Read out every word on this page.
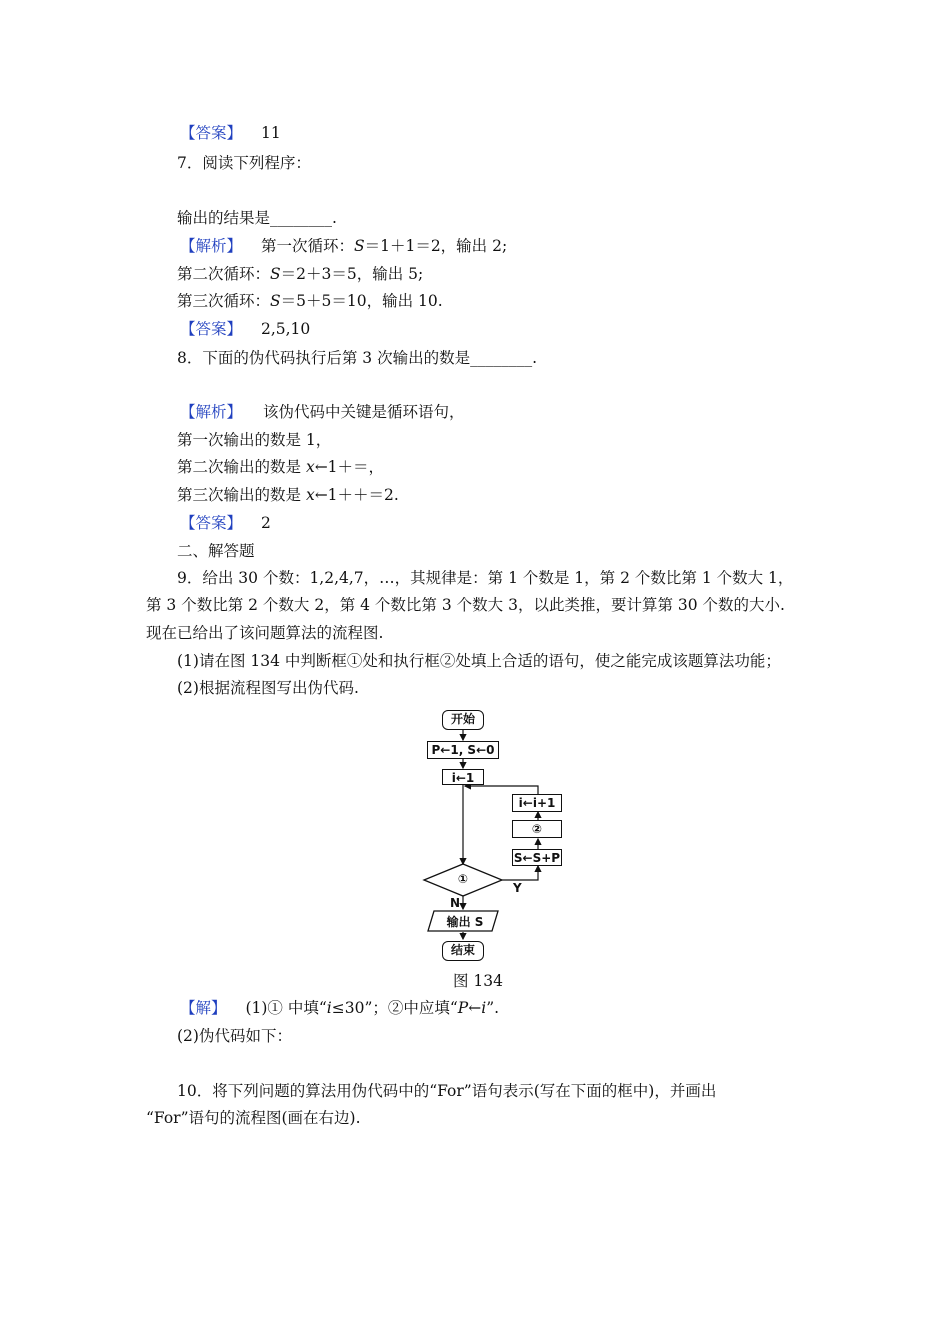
【答案】 11
7．阅读下列程序：
输出的结果是________.
【解析】 第一次循环：S＝1＋1＝2，输出 2;
第二次循环：S＝2＋3＝5，输出 5;
第三次循环：S＝5＋5＝10，输出 10.
【答案】 2,5,10
8．下面的伪代码执行后第 3 次输出的数是________.
【解析】 该伪代码中关键是循环语句，
第一次输出的数是 1，
第二次输出的数是 x←1＋＝，
第三次输出的数是 x←1＋＋＝2.
【答案】 2
二、解答题
9．给出 30 个数：1,2,4,7，…，其规律是：第 1 个数是 1，第 2 个数比第 1 个数大 1，
第 3 个数比第 2 个数大 2，第 4 个数比第 3 个数大 3，以此类推，要计算第 30 个数的大小.
现在已给出了该问题算法的流程图.
(1)请在图 134 中判断框①处和执行框②处填上合适的语句，使之能完成该题算法功能；
(2)根据流程图写出伪代码.
开始
P←1, S←0
i←1
i←i+1
②
S←S+P
①
Y
N
输出 S
结束
图 134
【解】 (1)① 中填“i≤30”；②中应填“P←i”.
(2)伪代码如下：
10．将下列问题的算法用伪代码中的“For”语句表示(写在下面的框中)，并画出
“For”语句的流程图(画在右边).
